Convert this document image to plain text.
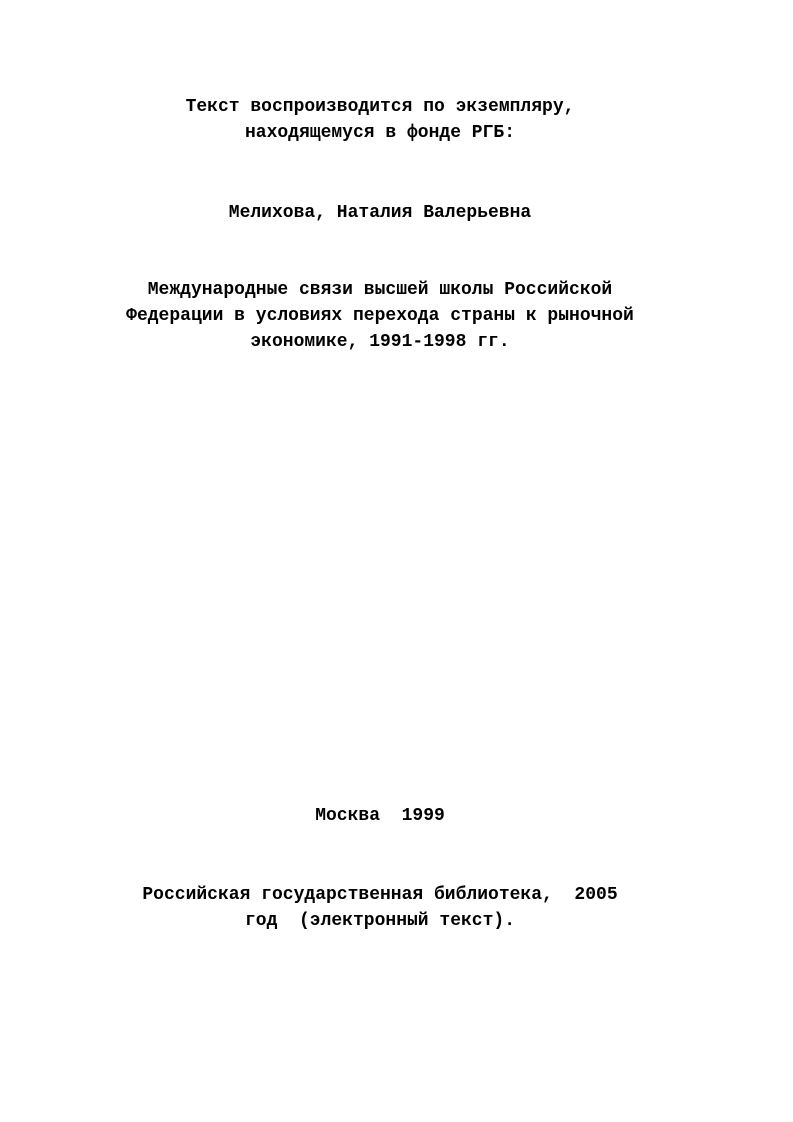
Текст воспроизводится по экземпляру,
находящемуся в фонде РГБ:
Мелихова, Наталия Валерьевна
Международные связи высшей школы Российской
Федерации в условиях перехода страны к рыночной
экономике, 1991-1998 гг.
Москва  1999
Российская государственная библиотека,  2005
год  (электронный текст).
